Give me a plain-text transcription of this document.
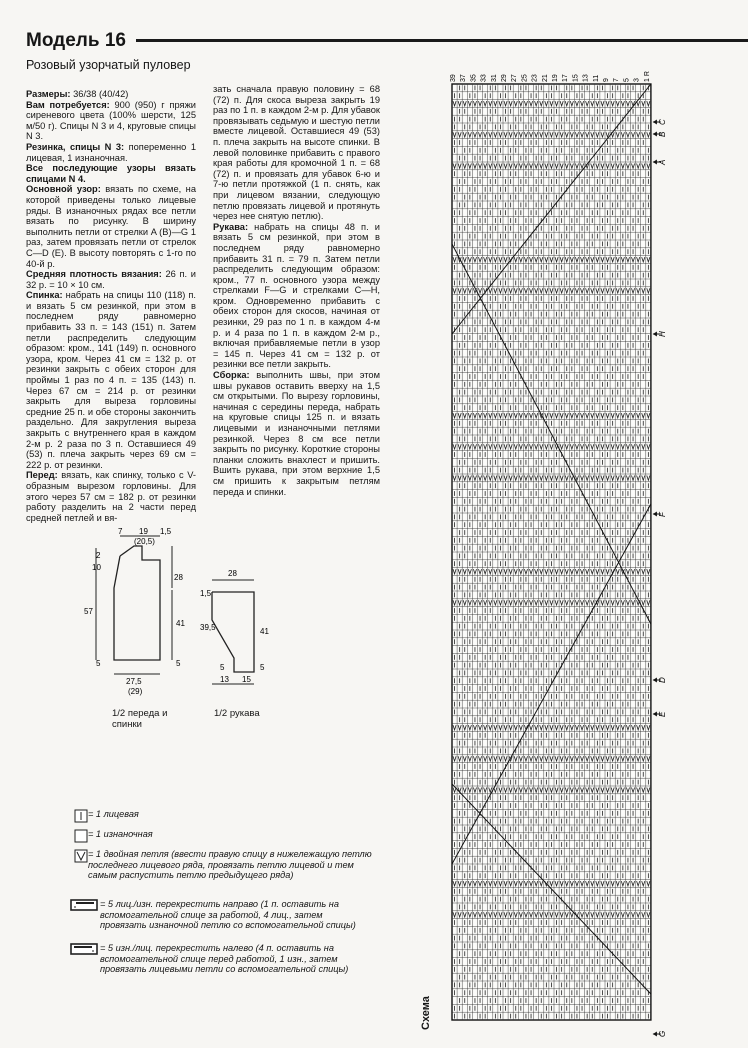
Модель 16
Розовый узорчатый пуловер

Размеры: 36/38 (40/42)

Вам потребуется: 900 (950) г пряжи сиреневого цвета (100% шерсти, 125 м/50 г). Спицы N 3 и 4, круговые спицы N 3.

Резинка, спицы N 3: попеременно 1 лицевая, 1 изнаночная.

Все последующие узоры вязать спицами N 4.

Основной узор: вязать по схеме, на которой приведены только лицевые ряды. В изнаночных рядах все петли вязать по рисунку. В ширину выполнить петли от стрелки A (B)—G 1 раз, затем провязать петли от стрелок C—D (E). В высоту повторять с 1-го по 40-й р.

Средняя плотность вязания: 26 п. и 32 р. = 10 × 10 см.

Спинка: набрать на спицы 110 (118) п. и вязать 5 см резинкой, при этом в последнем ряду равномерно прибавить 33 п. = 143 (151) п. Затем петли распределить следующим образом: кром., 141 (149) п. основного узора, кром. Через 41 см = 132 р. от резинки закрыть с обеих сторон для проймы 1 раз по 4 п. = 135 (143) п. Через 67 см = 214 р. от резинки закрыть для выреза горловины средние 25 п. и обе стороны закончить раздельно. Для закругления выреза закрыть с внутреннего края в каждом 2-м р. 2 раза по 3 п. Оставшиеся 49 (53) п. плеча закрыть через 69 см = 222 р. от резинки.

Перед: вязать, как спинку, только с V-образным вырезом горловины. Для этого через 57 см = 182 р. от резинки работу разделить на 2 части перед средней петлей и вя-

зать сначала правую половину = 68 (72) п. Для скоса выреза закрыть 19 раз по 1 п. в каждом 2-м р. Для убавок провязывать седьмую и шестую петли вместе лицевой. Оставшиеся 49 (53) п. плеча закрыть на высоте спинки. В левой половинке прибавить с правого края работы для кромочной 1 п. = 68 (72) п. и провязать для убавок 6-ю и 7-ю петли протяжкой (1 п. снять, как при лицевом вязании, следующую петлю провязать лицевой и протянуть через нее снятую петлю).

Рукава: набрать на спицы 48 п. и вязать 5 см резинкой, при этом в последнем ряду равномерно прибавить 31 п. = 79 п. Затем петли распределить следующим образом: кром., 77 п. основного узора между стрелками F—G и стрелками C—H, кром. Одновременно прибавить с обеих сторон для скосов, начиная от резинки, 29 раз по 1 п. в каждом 4-м р. и 4 раза по 1 п. в каждом 2-м р., включая прибавляемые петли в узор = 145 п. Через 41 см = 132 р. от резинки все петли закрыть.

Сборка: выполнить швы, при этом швы рукавов оставить вверху на 1,5 см открытыми. По вырезу горловины, начиная с середины переда, набрать на круговые спицы 125 п. и вязать лицевыми и изнаночными петлями резинкой. Через 8 см все петли закрыть по рисунку. Короткие стороны планки сложить внахлест и пришить. Вшить рукава, при этом верхние 1,5 см пришить к закрытым петлям переда и спинки.

7 19
(20,5)
1,5
2
10
57
28
41
5	5
27,5
(29)
1/2 переда и спинки
28
1,5
39,5	41
5	5
13 15
1/2 рукава
= 1 лицевая
= 1 изнаночная
= 1 двойная петля (ввести правую спицу в нижележащую петлю последнего лицевого ряда, провязать петлю лицевой и тем самым распустить петлю предыдущего ряда)
= 5 лиц./изн. перекрестить направо (1 п. оставить на вспомогательной спице за работой, 4 лиц., затем провязать изнаночной петлю со вспомогательной спицы)
= 5 изн./лиц. перекрестить налево (4 п. оставить на вспомогательной спице перед работой, 1 изн., затем провязать лицевыми петли со вспомогательной спицы)
39 37 35 33 31 29 27 25 23 21 19 17 15 13 11 9 7 5 3 1 R
C
B
A
H
F
D
E
G
Схема
